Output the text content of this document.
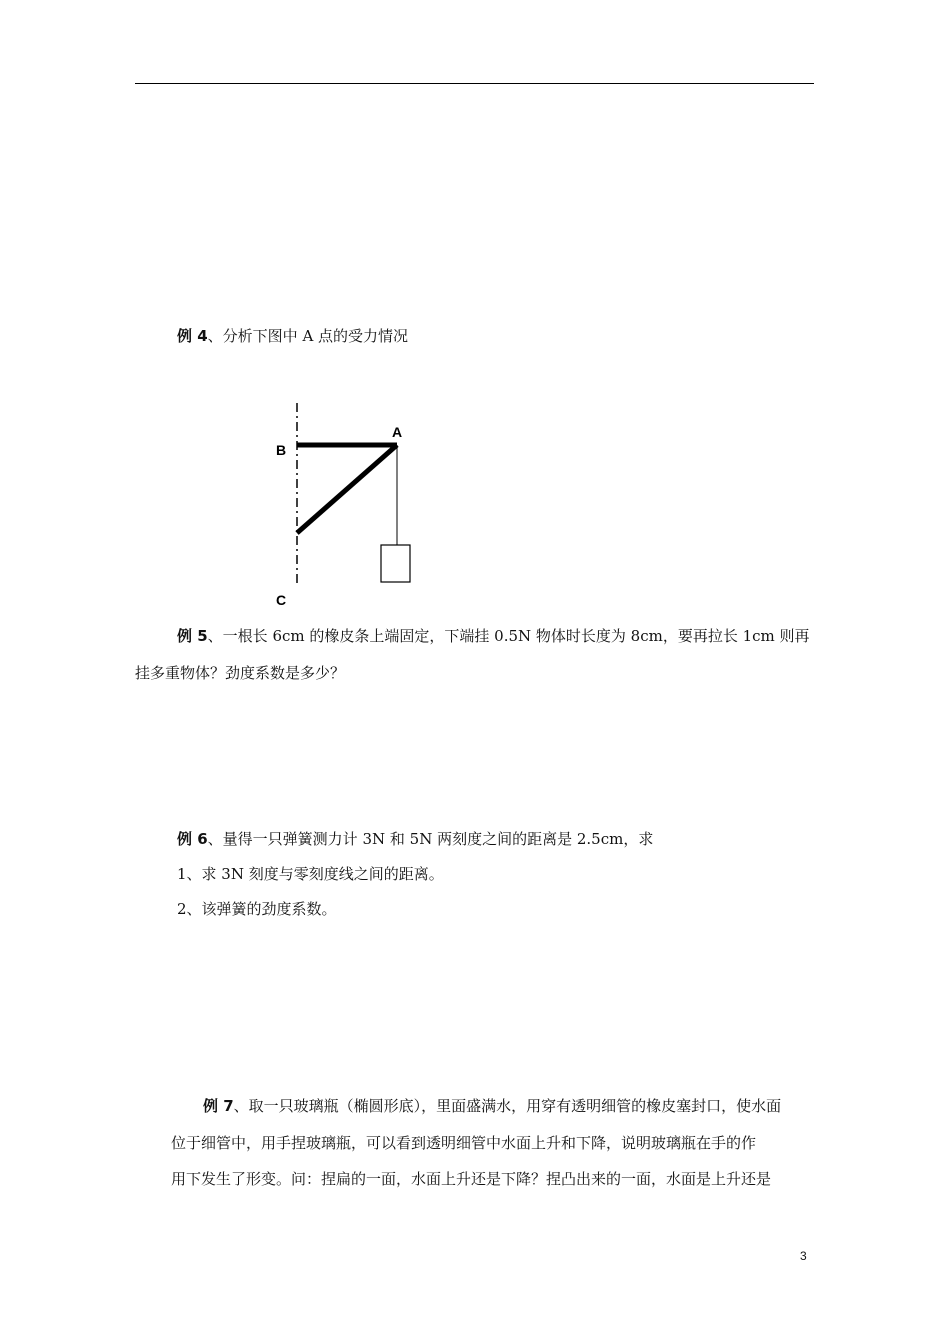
例 4、分析下图中 A 点的受力情况
A
B
C
例 5、一根长 6cm 的橡皮条上端固定，下端挂 0.5N 物体时长度为 8cm，要再拉长 1cm 则再
挂多重物体？劲度系数是多少？
例 6、量得一只弹簧测力计 3N 和 5N 两刻度之间的距离是 2.5cm，求
1、求 3N 刻度与零刻度线之间的距离。
2、该弹簧的劲度系数。
例 7、取一只玻璃瓶（椭圆形底），里面盛满水，用穿有透明细管的橡皮塞封口，使水面
位于细管中，用手捏玻璃瓶，可以看到透明细管中水面上升和下降，说明玻璃瓶在手的作
用下发生了形变。问：捏扁的一面，水面上升还是下降？捏凸出来的一面，水面是上升还是
3
